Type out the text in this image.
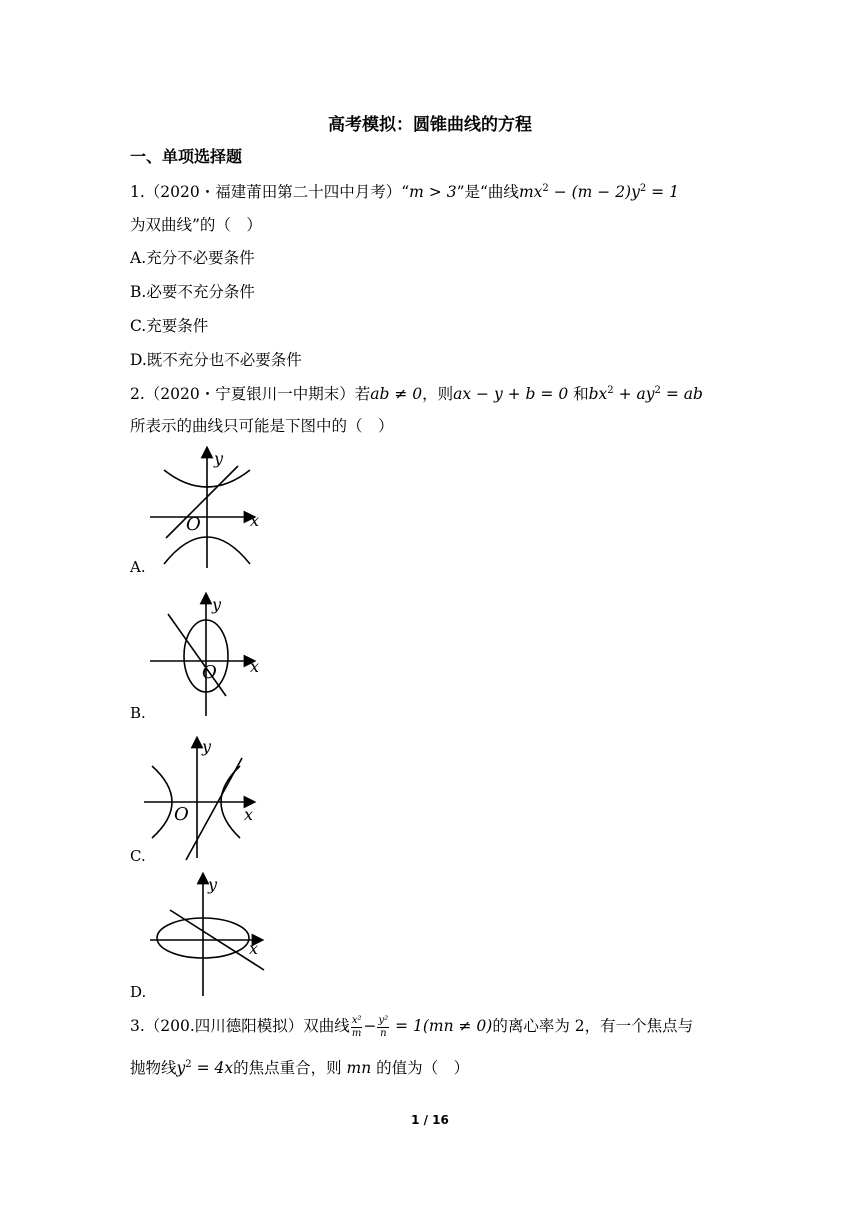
高考模拟：圆锥曲线的方程
一、单项选择题
1.（2020・福建莆田第二十四中月考）“m > 3”是“曲线$mx^2 - (m - 2)y^2 = 1$
为双曲线”的（　）
A.充分不必要条件
B.必要不充分条件
C.充要条件
D.既不充分也不必要条件
2.（2020・宁夏银川一中期末）若ab ≠ 0，则ax − y + b = 0 和$bx^2 + ay^2$ = ab
所表示的曲线只可能是下图中的（　）
y
x
O
A.
y
x
O
B.
y
x
O
C.
y
x
D.
3.（200.四川德阳模拟）双曲线 $\frac{\text{x²}}{m} - \frac{\text{y²}}{n} = 1(mn \ne 0)$的离心率为 2，有一个焦点与
抛物线$y^2 = 4x$的焦点重合，则 mn 的值为（　）
1 / 16
